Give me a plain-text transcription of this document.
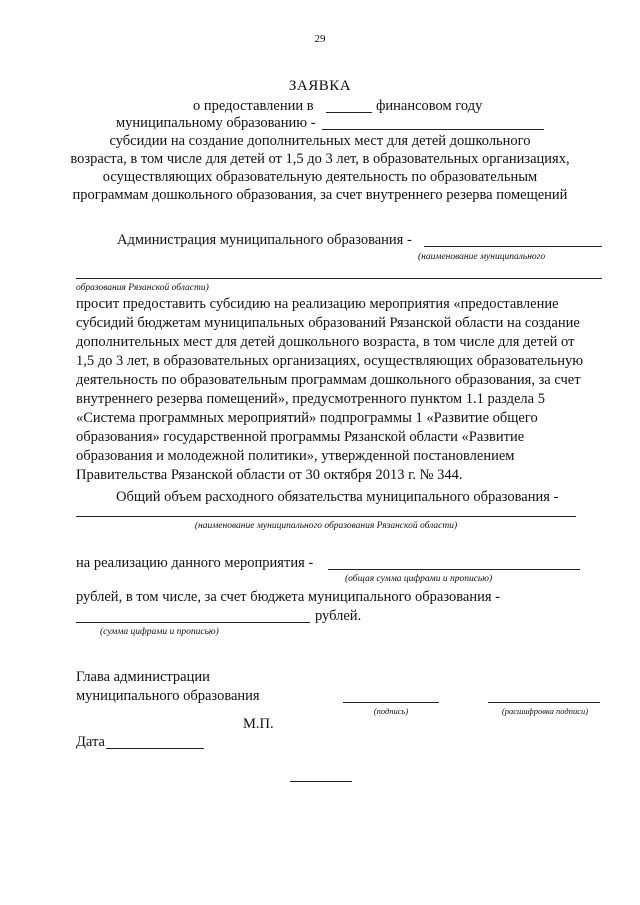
29
ЗАЯВКА
о предоставлении в	финансовом году
муниципальному образованию -
субсидии на создание дополнительных мест для детей дошкольного
возраста, в том числе для детей от 1,5 до 3 лет, в образовательных организациях,
осуществляющих образовательную деятельность по образовательным
программам дошкольного образования, за счет внутреннего резерва помещений
Администрация муниципального образования -
(наименование муниципального
образования Рязанской области)
просит предоставить субсидию на реализацию мероприятия «предоставление
субсидий бюджетам муниципальных образований Рязанской области на создание
дополнительных мест для детей дошкольного возраста, в том числе для детей от
1,5 до 3 лет, в образовательных организациях, осуществляющих образовательную
деятельность по образовательным программам дошкольного образования, за счет
внутреннего резерва помещений», предусмотренного пунктом 1.1 раздела 5
«Система программных мероприятий» подпрограммы 1 «Развитие общего
образования» государственной программы Рязанской области «Развитие
образования и молодежной политики», утвержденной постановлением
Правительства Рязанской области от 30 октября 2013 г. № 344.
Общий объем расходного обязательства муниципального образования -
(наименование муниципального образования Рязанской области)
на реализацию данного мероприятия -
(общая сумма цифрами и прописью)
рублей, в том числе, за счет бюджета муниципального образования -
рублей.
(сумма цифрами и прописью)
Глава администрации
муниципального образования
(подпись)	(расшифровка подписи)
М.П.
Дата
